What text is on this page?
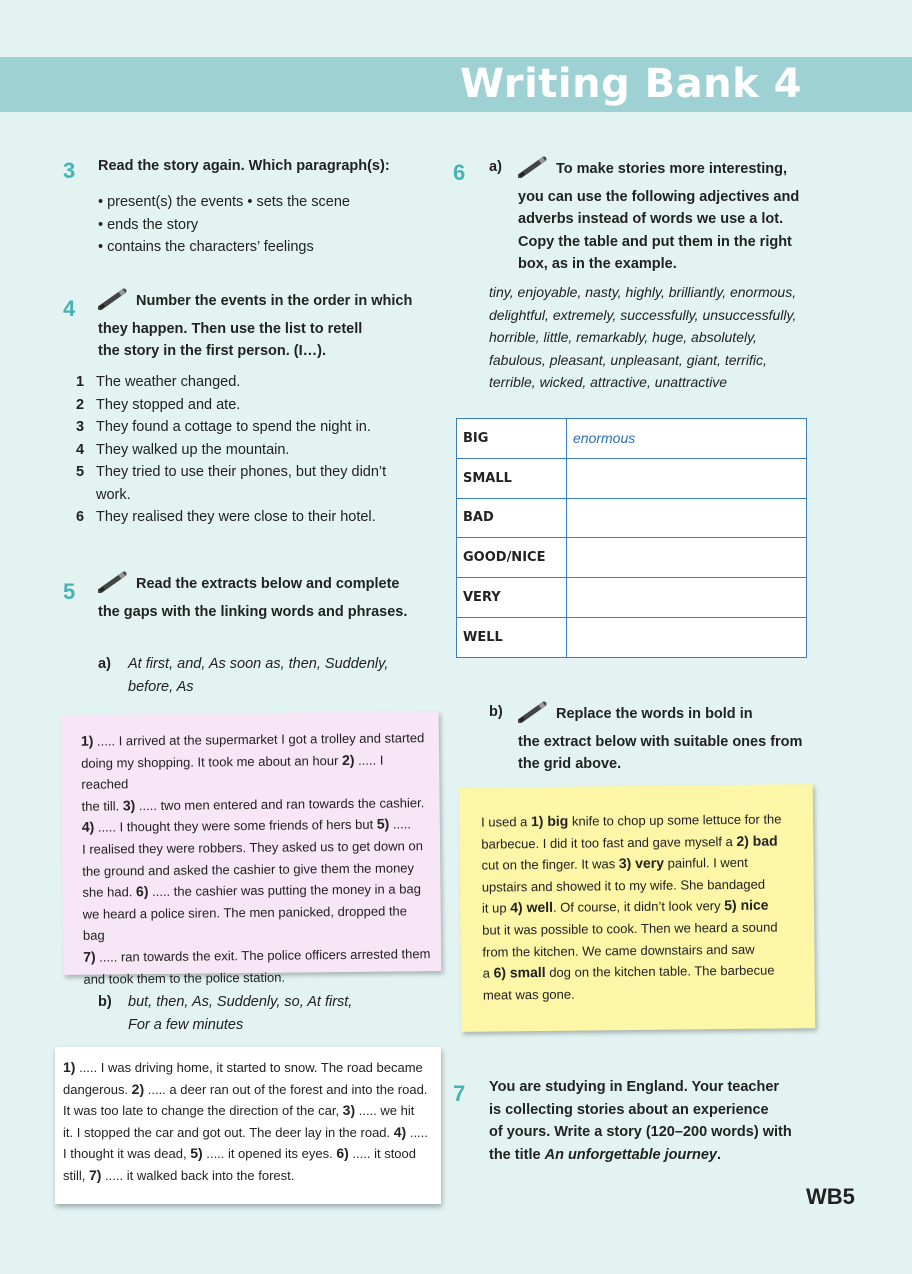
Writing Bank 4
3 Read the story again. Which paragraph(s):
• present(s) the events • sets the scene
• ends the story
• contains the characters’ feelings
4	Number the events in the order in which
they happen. Then use the list to retell
the story in the first person. (I…).
1 The weather changed.
2 They stopped and ate.
3 They found a cottage to spend the night in.
4 They walked up the mountain.
5 They tried to use their phones, but they didn’t work.
6 They realised they were close to their hotel.
5	Read the extracts below and complete
the gaps with the linking words and phrases.
a) At first, and, As soon as, then, Suddenly,
before, As
1) ..... I arrived at the supermarket I got a trolley and started
doing my shopping. It took me about an hour 2) ..... I reached
the till. 3) ..... two men entered and ran towards the cashier.
4) ..... I thought they were some friends of hers but 5) .....
I realised they were robbers. They asked us to get down on
the ground and asked the cashier to give them the money
she had. 6) ..... the cashier was putting the money in a bag
we heard a police siren. The men panicked, dropped the bag
7) ..... ran towards the exit. The police officers arrested them
and took them to the police station.
b) but, then, As, Suddenly, so, At first,
For a few minutes
1) ..... I was driving home, it started to snow. The road became
dangerous. 2) ..... a deer ran out of the forest and into the road.
It was too late to change the direction of the car, 3) ..... we hit
it. I stopped the car and got out. The deer lay in the road. 4) .....
I thought it was dead, 5) ..... it opened its eyes. 6) ..... it stood
still, 7) ..... it walked back into the forest.
6 a)	To make stories more interesting,
you can use the following adjectives and
adverbs instead of words we use a lot.
Copy the table and put them in the right
box, as in the example.
tiny, enjoyable, nasty, highly, brilliantly, enormous,
delightful, extremely, successfully, unsuccessfully,
horrible, little, remarkably, huge, absolutely,
fabulous, pleasant, unpleasant, giant, terrific,
terrible, wicked, attractive, unattractive
BIG	enormous
SMALL	
BAD	
GOOD/NICE	
VERY	
WELL	
b)	Replace the words in bold in
the extract below with suitable ones from
the grid above.
I used a 1) big knife to chop up some lettuce for the
barbecue. I did it too fast and gave myself a 2) bad
cut on the finger. It was 3) very painful. I went
upstairs and showed it to my wife. She bandaged
it up 4) well. Of course, it didn’t look very 5) nice
but it was possible to cook. Then we heard a sound
from the kitchen. We came downstairs and saw
a 6) small dog on the kitchen table. The barbecue
meat was gone.
7 You are studying in England. Your teacher
is collecting stories about an experience
of yours. Write a story (120–200 words) with
the title An unforgettable journey.
WB5
